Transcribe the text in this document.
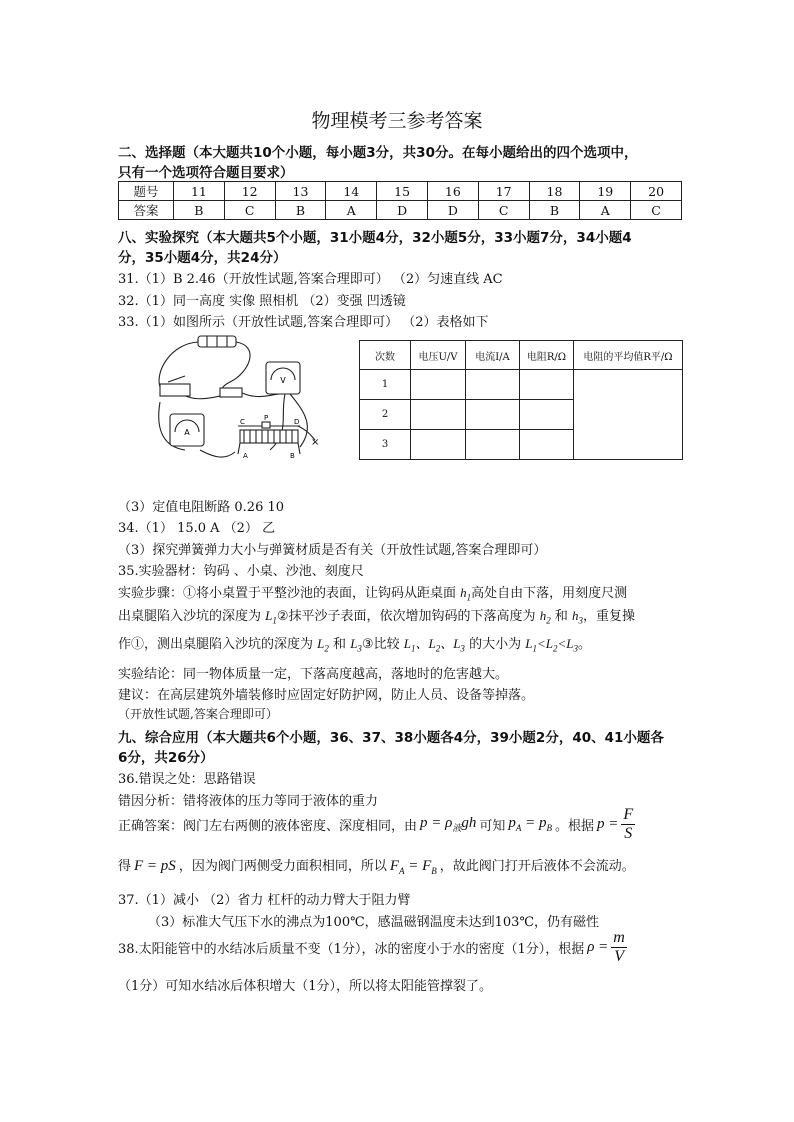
物理模考三参考答案
二、选择题（本大题共10个小题，每小题3分，共30分。在每小题给出的四个选项中，
只有一个选项符合题目要求）
题号	11	12	13	14	15	16	17	18	19	20
答案	B	C	B	A	D	D	C	B	A	C
八、实验探究（本大题共5个小题，31小题4分，32小题5分，33小题7分，34小题4
分，35小题4分，共24分）
31.（1）B 2.46（开放性试题,答案合理即可） （2）匀速直线 AC
32.（1）同一高度 实像 照相机 （2）变强 凹透镜
33.（1）如图所示（开放性试题,答案合理即可） （2）表格如下
V
A
C	P	D
A	B
×
次数	电压U/V	电流I/A	电阻R/Ω	电阻的平均值R平/Ω
1				
2				
3				
（3）定值电阻断路 0.26 10
34.（1） 15.0 A （2） 乙
（3）探究弹簧弹力大小与弹簧材质是否有关（开放性试题,答案合理即可）
35.实验器材：钩码 、小桌、沙池、刻度尺
实验步骤：①将小桌置于平整沙池的表面，让钩码从距桌面 $h_1$高处自由下落，用刻度尺测
出桌腿陷入沙坑的深度为 $L_1②$抹平沙子表面，依次增加钩码的下落高度为 $h_2$ 和 $h_3$，重复操
作①，测出桌腿陷入沙坑的深度为 $L_2$ 和 $L_3③$比较 $L_1$、$L_2$、$L_3$ 的大小为 $L_1<L_2<L_3$。
实验结论：同一物体质量一定，下落高度越高，落地时的危害越大。
建议：在高层建筑外墙装修时应固定好防护网，防止人员、设备等掉落。
（开放性试题,答案合理即可）
九、综合应用（本大题共6个小题，36、37、38小题各4分，39小题2分，40、41小题各
6分，共26分）
36.错误之处：思路错误
错因分析：错将液体的压力等同于液体的重力
正确答案：阀门左右两侧的液体密度、深度相同，由 $p = \rho_液gh$ 可知 $p_A = p_B$ 。根据 $p = \frac{F}{S}$
得 F = pS ，因为阀门两侧受力面积相同，所以 $F_A = F_B$ ，故此阀门打开后液体不会流动。
37.（1）减小 （2）省力 杠杆的动力臂大于阻力臂
（3）标准大气压下水的沸点为100℃，感温磁钢温度未达到103℃，仍有磁性
38.太阳能管中的水结冰后质量不变（1分），冰的密度小于水的密度（1分），根据 $\rho = \frac{m}{V}$
（1分）可知水结冰后体积增大（1分），所以将太阳能管撑裂了。
